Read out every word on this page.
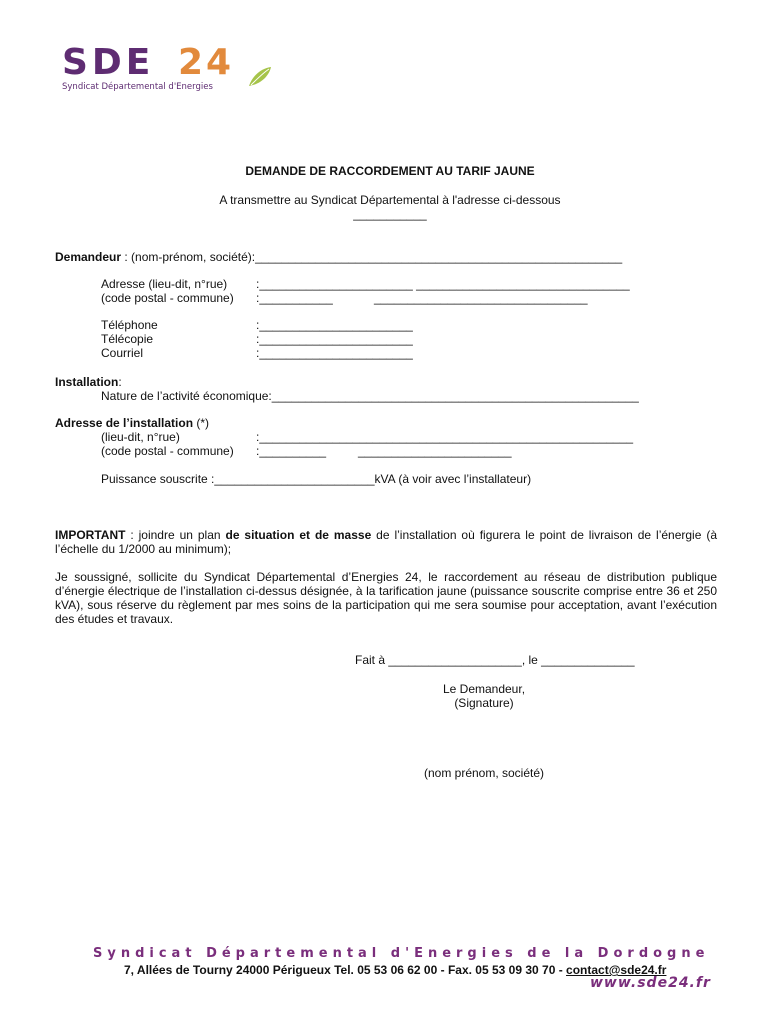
SDE 24
Syndicat Départemental d'Energies
DEMANDE DE RACCORDEMENT AU TARIF JAUNE
A transmettre au Syndicat Départemental à l'adresse ci-dessous
___________
Demandeur : (nom-prénom, société):_______________________________________________________
Adresse (lieu-dit, n°rue) :_______________________ ________________________________
(code postal - commune) :___________	________________________________
Téléphone	:_______________________
Télécopie	:_______________________
Courriel	:_______________________
Installation:
Nature de l’activité économique:_______________________________________________________
Adresse de l’installation (*)
(lieu-dit, n°rue)	:________________________________________________________
(code postal - commune) :__________	_______________________
Puissance souscrite :________________________kVA (à voir avec l’installateur)
IMPORTANT : joindre un plan de situation et de masse de l’installation où figurera le point de livraison de l’énergie (à l’échelle du 1/2000 au minimum);
Je soussigné, sollicite du Syndicat Départemental d’Energies 24, le raccordement au réseau de distribution publique d’énergie électrique de l’installation ci-dessus désignée, à la tarification jaune (puissance souscrite comprise entre 36 et 250 kVA), sous réserve du règlement par mes soins de la participation qui me sera soumise pour acceptation, avant l’exécution des études et travaux.
Fait à ____________________, le ______________
Le Demandeur,
(Signature)
(nom prénom, société)
Syndicat Départemental d'Energies de la Dordogne
7, Allées de Tourny 24000 Périgueux Tel. 05 53 06 62 00 - Fax. 05 53 09 30 70 - contact@sde24.fr
www.sde24.fr
